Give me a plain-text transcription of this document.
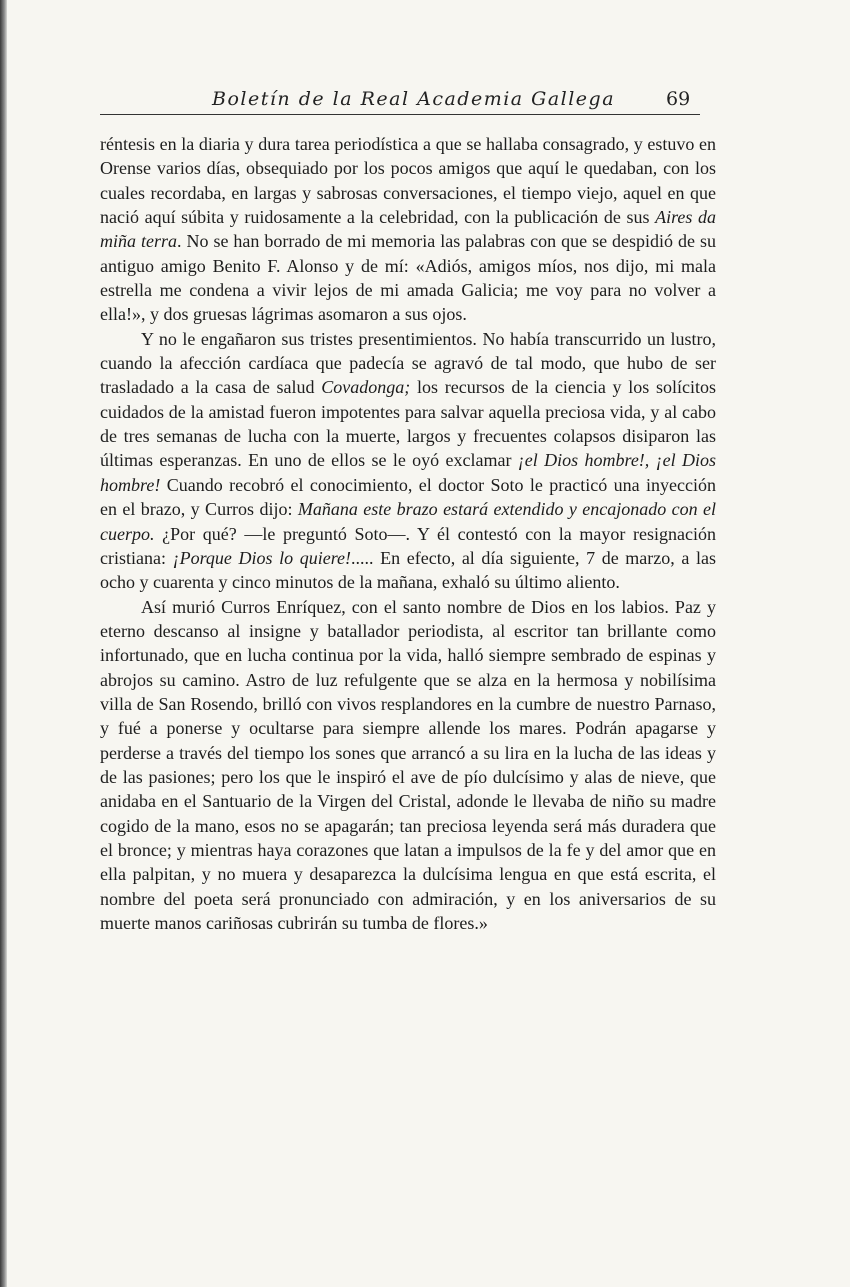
Boletín de la Real Academia Gallega	69

réntesis en la diaria y dura tarea periodística a que se hallaba consagrado, y estuvo en Orense varios días, obsequiado por los pocos amigos que aquí le quedaban, con los cuales recordaba, en largas y sabrosas conversaciones, el tiempo viejo, aquel en que nació aquí súbita y ruidosamente a la celebridad, con la publicación de sus Aires da miña terra. No se han borrado de mi memoria las palabras con que se despidió de su antiguo amigo Benito F. Alonso y de mí: «Adiós, amigos míos, nos dijo, mi mala estrella me condena a vivir lejos de mi amada Galicia; me voy para no volver a ella!», y dos gruesas lágrimas asomaron a sus ojos.

Y no le engañaron sus tristes presentimientos. No había transcurrido un lustro, cuando la afección cardíaca que padecía se agravó de tal modo, que hubo de ser trasladado a la casa de salud Covadonga; los recursos de la ciencia y los solícitos cuidados de la amistad fueron impotentes para salvar aquella preciosa vida, y al cabo de tres semanas de lucha con la muerte, largos y frecuentes colapsos disiparon las últimas esperanzas. En uno de ellos se le oyó exclamar ¡el Dios hombre!, ¡el Dios hombre! Cuando recobró el conocimiento, el doctor Soto le practicó una inyección en el brazo, y Curros dijo: Mañana este brazo estará extendido y encajonado con el cuerpo. ¿Por qué? —le preguntó Soto—. Y él contestó con la mayor resignación cristiana: ¡Porque Dios lo quiere!..... En efecto, al día siguiente, 7 de marzo, a las ocho y cuarenta y cinco minutos de la mañana, exhaló su último aliento.

Así murió Curros Enríquez, con el santo nombre de Dios en los labios. Paz y eterno descanso al insigne y batallador periodista, al escritor tan brillante como infortunado, que en lucha continua por la vida, halló siempre sembrado de espinas y abrojos su camino. Astro de luz refulgente que se alza en la hermosa y nobilísima villa de San Rosendo, brilló con vivos resplandores en la cumbre de nuestro Parnaso, y fué a ponerse y ocultarse para siempre allende los mares. Podrán apagarse y perderse a través del tiempo los sones que arrancó a su lira en la lucha de las ideas y de las pasiones; pero los que le inspiró el ave de pío dulcísimo y alas de nieve, que anidaba en el Santuario de la Virgen del Cristal, adonde le llevaba de niño su madre cogido de la mano, esos no se apagarán; tan preciosa leyenda será más duradera que el bronce; y mientras haya corazones que latan a impulsos de la fe y del amor que en ella palpitan, y no muera y desaparezca la dulcísima lengua en que está escrita, el nombre del poeta será pronunciado con admiración, y en los aniversarios de su muerte manos cariñosas cubrirán su tumba de flores.»
